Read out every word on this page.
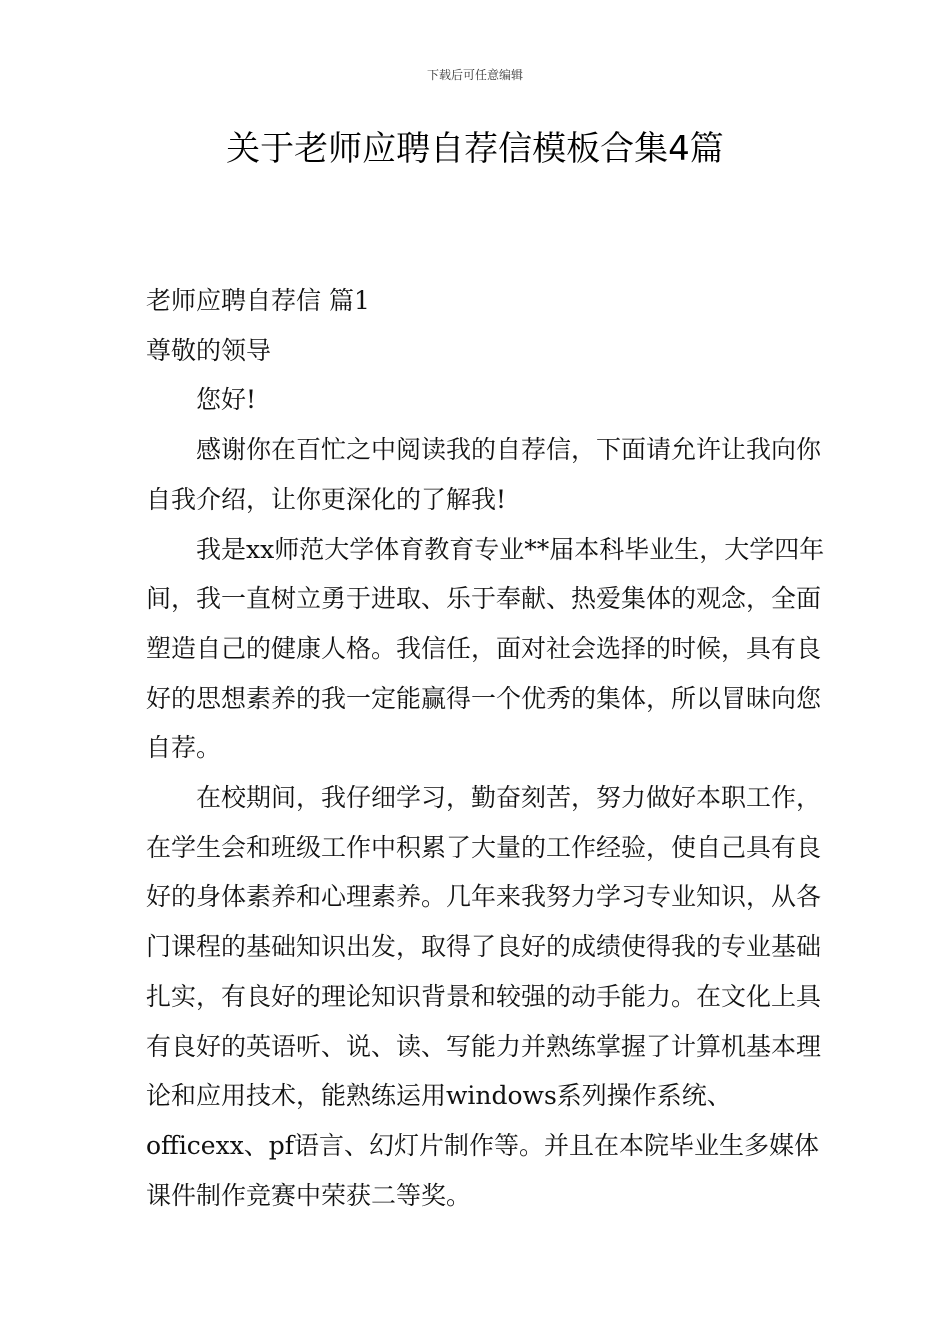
下载后可任意编辑
关于老师应聘自荐信模板合集4篇

老师应聘自荐信 篇1

尊敬的领导

您好!

感谢你在百忙之中阅读我的自荐信，下面请允许让我向你自我介绍，让你更深化的了解我!

我是xx师范大学体育教育专业**届本科毕业生，大学四年间，我一直树立勇于进取、乐于奉献、热爱集体的观念，全面塑造自己的健康人格。我信任，面对社会选择的时候，具有良好的思想素养的我一定能赢得一个优秀的集体，所以冒昧向您自荐。

在校期间，我仔细学习，勤奋刻苦，努力做好本职工作，在学生会和班级工作中积累了大量的工作经验，使自己具有良好的身体素养和心理素养。几年来我努力学习专业知识，从各门课程的基础知识出发，取得了良好的成绩使得我的专业基础扎实，有良好的理论知识背景和较强的动手能力。在文化上具有良好的英语听、说、读、写能力并熟练掌握了计算机基本理论和应用技术，能熟练运用windows系列操作系统、officexx、pf语言、幻灯片制作等。并且在本院毕业生多媒体课件制作竞赛中荣获二等奖。
